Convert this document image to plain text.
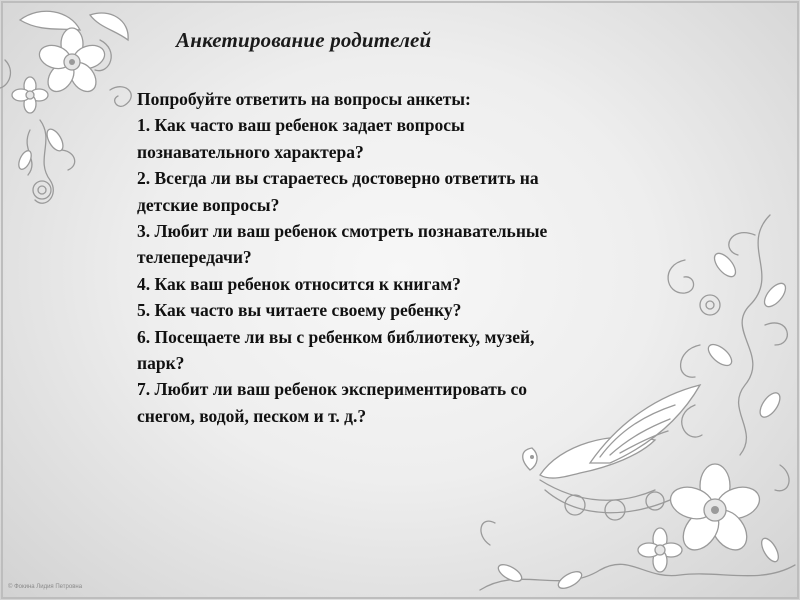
Анкетирование родителей

Попробуйте ответить на вопросы анкеты:

1. Как часто ваш ребенок задает вопросы

познавательного характера?

2. Всегда ли вы стараетесь достоверно ответить на

детские вопросы?

3. Любит ли ваш ребенок смотреть познавательные

телепередачи?

4. Как ваш ребенок относится к книгам?

5. Как часто вы читаете своему ребенку?

6. Посещаете ли вы с ребенком библиотеку, музей,

парк?

7. Любит ли ваш ребенок экспериментировать со

снегом, водой, песком и т. д.?

© Фокина Лидия Петровна
